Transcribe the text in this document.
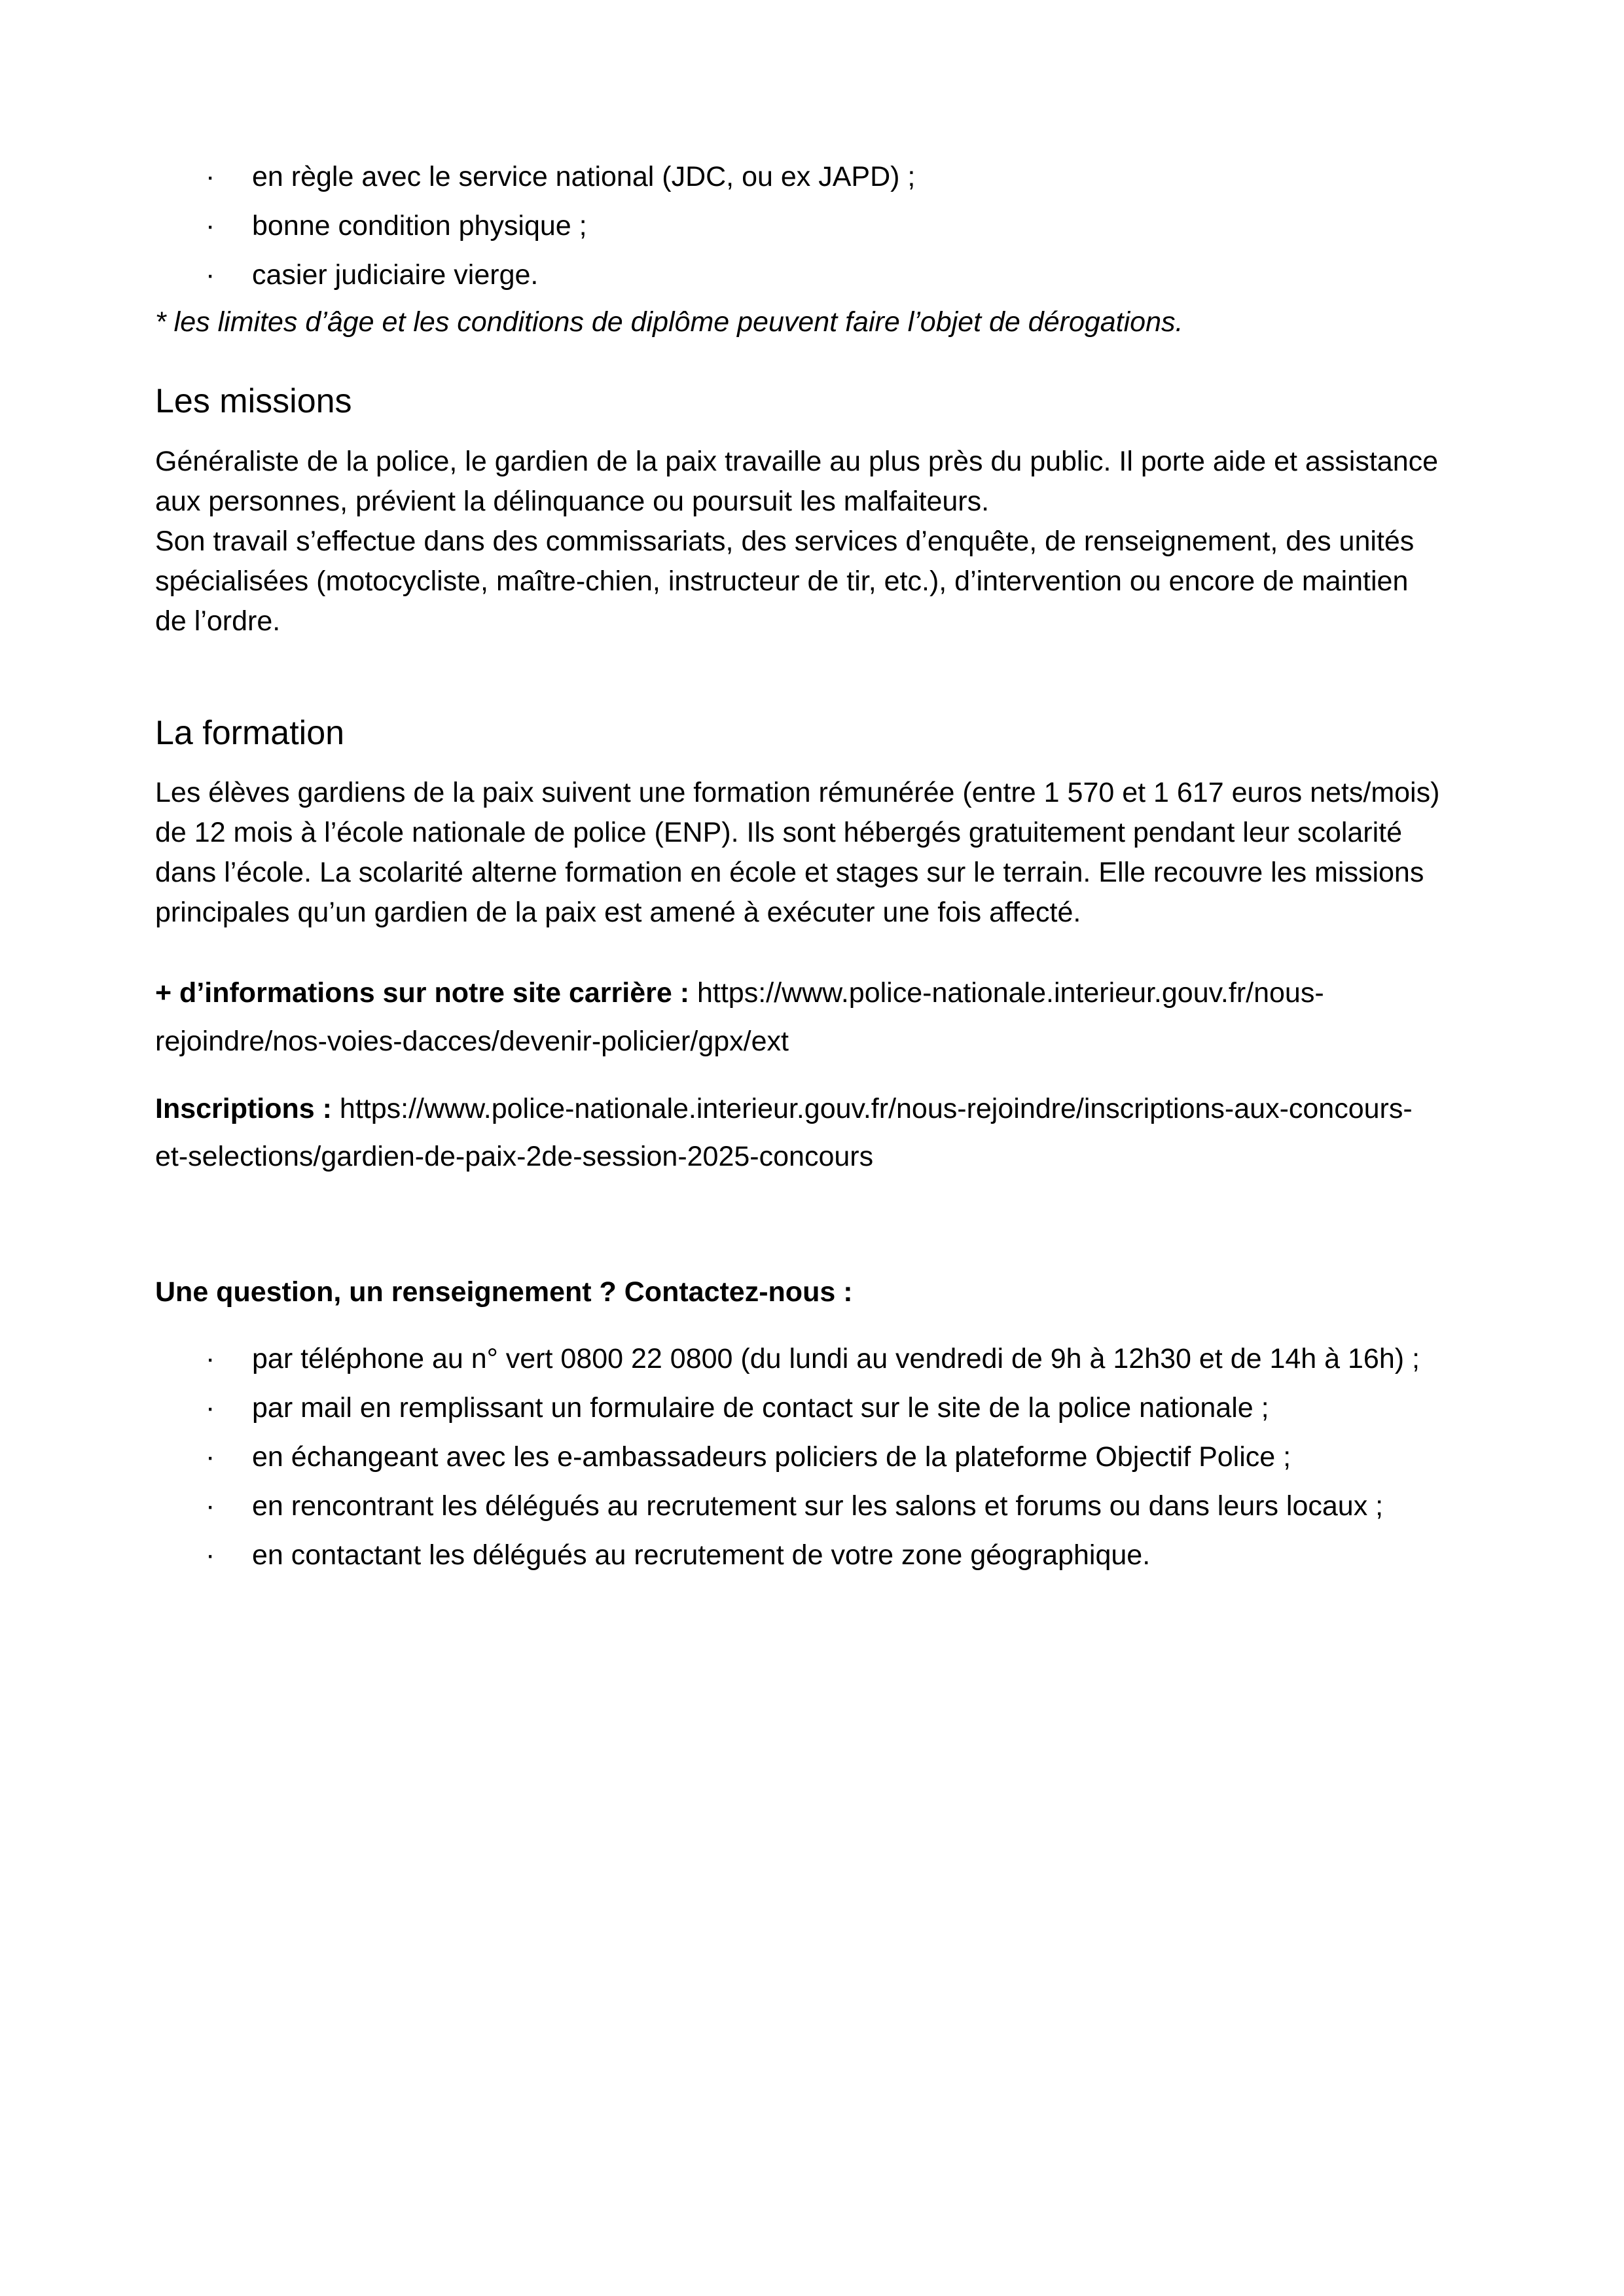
· en règle avec le service national (JDC, ou ex JAPD) ;
· bonne condition physique ;
· casier judiciaire vierge.
* les limites d’âge et les conditions de diplôme peuvent faire l’objet de dérogations.
Les missions
Généraliste de la police, le gardien de la paix travaille au plus près du public. Il porte aide et assistance
aux personnes, prévient la délinquance ou poursuit les malfaiteurs.
Son travail s’effectue dans des commissariats, des services d’enquête, de renseignement, des unités
spécialisées (motocycliste, maître-chien, instructeur de tir, etc.), d’intervention ou encore de maintien
de l’ordre.
La formation
Les élèves gardiens de la paix suivent une formation rémunérée (entre 1 570 et 1 617 euros nets/mois)
de 12 mois à l’école nationale de police (ENP). Ils sont hébergés gratuitement pendant leur scolarité
dans l’école. La scolarité alterne formation en école et stages sur le terrain. Elle recouvre les missions
principales qu’un gardien de la paix est amené à exécuter une fois affecté.
+ d’informations sur notre site carrière : https://www.police-nationale.interieur.gouv.fr/nous-
rejoindre/nos-voies-dacces/devenir-policier/gpx/ext
Inscriptions : https://www.police-nationale.interieur.gouv.fr/nous-rejoindre/inscriptions-aux-concours-
et-selections/gardien-de-paix-2de-session-2025-concours
Une question, un renseignement ? Contactez-nous :
· par téléphone au n° vert 0800 22 0800 (du lundi au vendredi de 9h à 12h30 et de 14h à 16h) ;
· par mail en remplissant un formulaire de contact sur le site de la police nationale ;
· en échangeant avec les e-ambassadeurs policiers de la plateforme Objectif Police ;
· en rencontrant les délégués au recrutement sur les salons et forums ou dans leurs locaux ;
· en contactant les délégués au recrutement de votre zone géographique.
